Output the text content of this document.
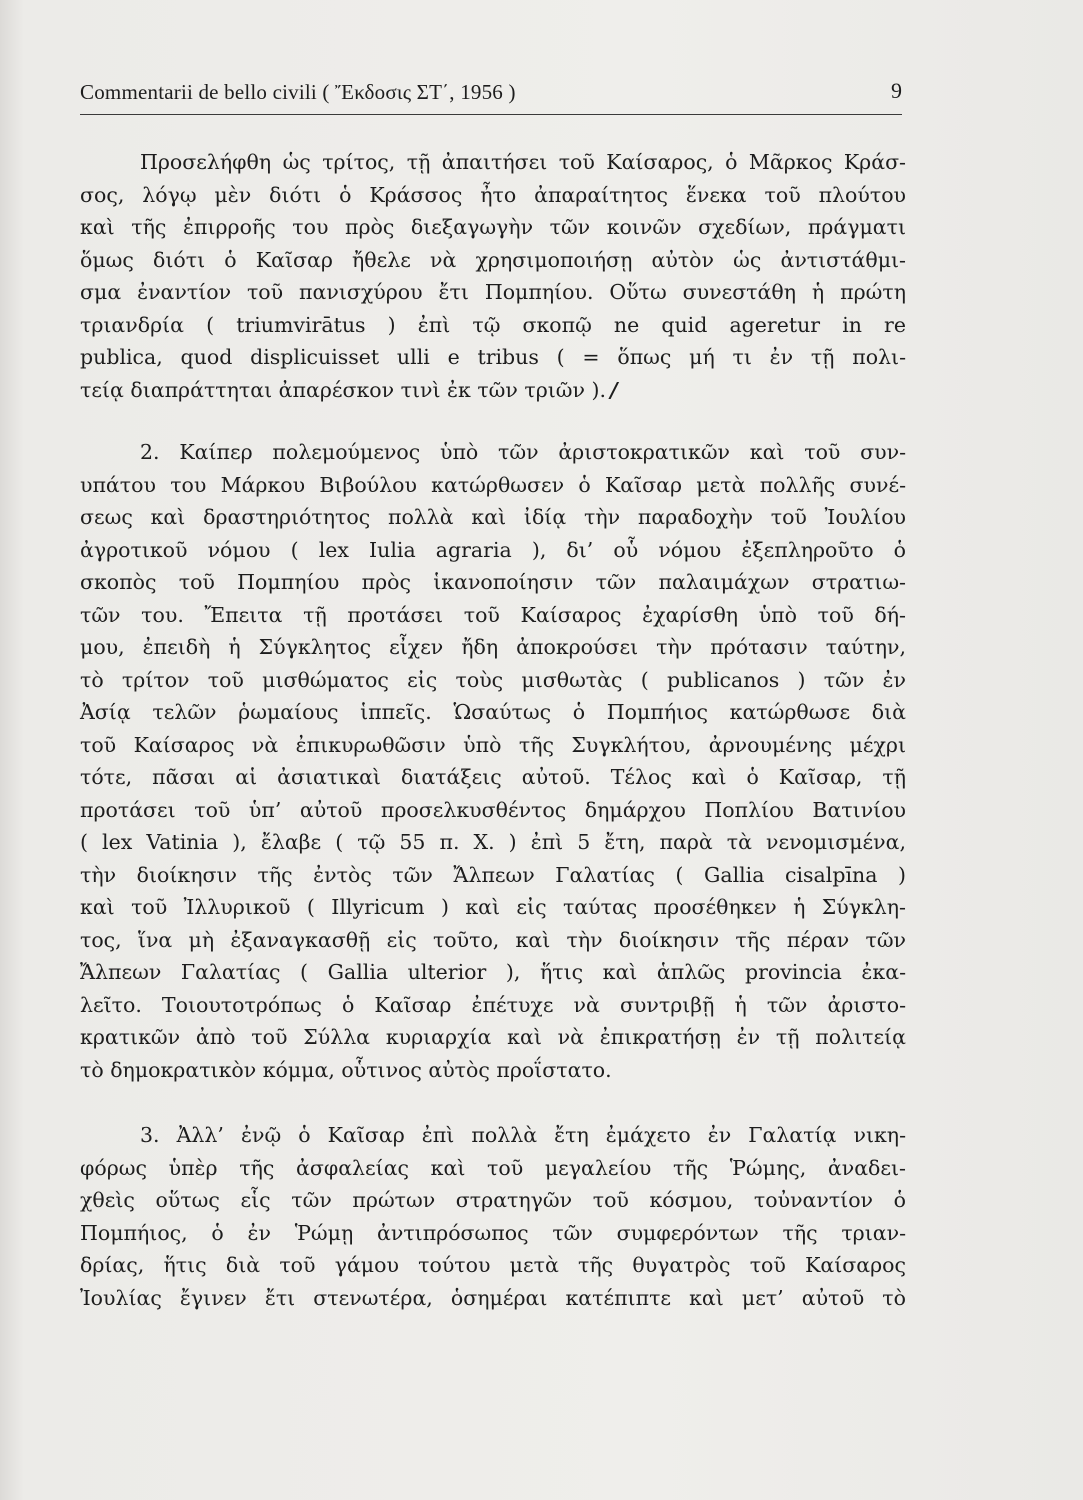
Commentarii de bello civili ( Ἔκδοσις ΣΤ΄, 1956 )	9
Προσελήφθη ὡς τρίτος, τῇ ἀπαιτήσει τοῦ Καίσαρος, ὁ Μᾶρκος Κράσ-
σος, λόγῳ μὲν διότι ὁ Κράσσος ἦτο ἀπαραίτητος ἕνεκα τοῦ πλούτου
καὶ τῆς ἐπιρροῆς του πρὸς διεξαγωγὴν τῶν κοινῶν σχεδίων, πράγματι
ὅμως διότι ὁ Καῖσαρ ἤθελε νὰ χρησιμοποιήσῃ αὐτὸν ὡς ἀντιστάθμι-
σμα ἐναντίον τοῦ πανισχύρου ἔτι Πομπηίου. Οὕτω συνεστάθη ἡ πρώτη
τριανδρία ( triumvirātus ) ἐπὶ τῷ σκοπῷ ne quid ageretur in re
publica, quod displicuisset ulli e tribus ( = ὅπως μή τι ἐν τῇ πολι-
τείᾳ διαπράττηται ἀπαρέσκον τινὶ ἐκ τῶν τριῶν ). /
2. Καίπερ πολεμούμενος ὑπὸ τῶν ἀριστοκρατικῶν καὶ τοῦ συν-
υπάτου του Μάρκου Βιβούλου κατώρθωσεν ὁ Καῖσαρ μετὰ πολλῆς συνέ-
σεως καὶ δραστηριότητος πολλὰ καὶ ἰδίᾳ τὴν παραδοχὴν τοῦ Ἰουλίου
ἀγροτικοῦ νόμου ( lex Iulia agraria ), δι’ οὗ νόμου ἐξεπληροῦτο ὁ
σκοπὸς τοῦ Πομπηίου πρὸς ἱκανοποίησιν τῶν παλαιμάχων στρατιω-
τῶν του. Ἔπειτα τῇ προτάσει τοῦ Καίσαρος ἐχαρίσθη ὑπὸ τοῦ δή-
μου, ἐπειδὴ ἡ Σύγκλητος εἶχεν ἤδη ἀποκρούσει τὴν πρότασιν ταύτην,
τὸ τρίτον τοῦ μισθώματος εἰς τοὺς μισθωτὰς ( publicanos ) τῶν ἐν
Ἀσίᾳ τελῶν ῥωμαίους ἱππεῖς. Ὡσαύτως ὁ Πομπήιος κατώρθωσε διὰ
τοῦ Καίσαρος νὰ ἐπικυρωθῶσιν ὑπὸ τῆς Συγκλήτου, ἀρνουμένης μέχρι
τότε, πᾶσαι αἱ ἀσιατικαὶ διατάξεις αὐτοῦ. Τέλος καὶ ὁ Καῖσαρ, τῇ
προτάσει τοῦ ὑπ’ αὐτοῦ προσελκυσθέντος δημάρχου Ποπλίου Βατινίου
( lex Vatinia ), ἔλαβε ( τῷ 55 π. Χ. ) ἐπὶ 5 ἔτη, παρὰ τὰ νενομισμένα,
τὴν διοίκησιν τῆς ἐντὸς τῶν Ἄλπεων Γαλατίας ( Gallia cisalpīna )
καὶ τοῦ Ἰλλυρικοῦ ( Illyricum ) καὶ εἰς ταύτας προσέθηκεν ἡ Σύγκλη-
τος, ἵνα μὴ ἐξαναγκασθῇ εἰς τοῦτο, καὶ τὴν διοίκησιν τῆς πέραν τῶν
Ἄλπεων Γαλατίας ( Gallia ulterior ), ἥτις καὶ ἁπλῶς provincia ἐκα-
λεῖτο. Τοιουτοτρόπως ὁ Καῖσαρ ἐπέτυχε νὰ συντριβῇ ἡ τῶν ἀριστο-
κρατικῶν ἀπὸ τοῦ Σύλλα κυριαρχία καὶ νὰ ἐπικρατήσῃ ἐν τῇ πολιτείᾳ
τὸ δημοκρατικὸν κόμμα, οὗτινος αὐτὸς προΐστατο.
3. Ἀλλ’ ἐνῷ ὁ Καῖσαρ ἐπὶ πολλὰ ἔτη ἐμάχετο ἐν Γαλατίᾳ νικη-
φόρως ὑπὲρ τῆς ἀσφαλείας καὶ τοῦ μεγαλείου τῆς Ῥώμης, ἀναδει-
χθεὶς οὕτως εἷς τῶν πρώτων στρατηγῶν τοῦ κόσμου, τοὐναντίον ὁ
Πομπήιος, ὁ ἐν Ῥώμῃ ἀντιπρόσωπος τῶν συμφερόντων τῆς τριαν-
δρίας, ἥτις διὰ τοῦ γάμου τούτου μετὰ τῆς θυγατρὸς τοῦ Καίσαρος
Ἰουλίας ἔγινεν ἔτι στενωτέρα, ὁσημέραι κατέπιπτε καὶ μετ’ αὐτοῦ τὸ
